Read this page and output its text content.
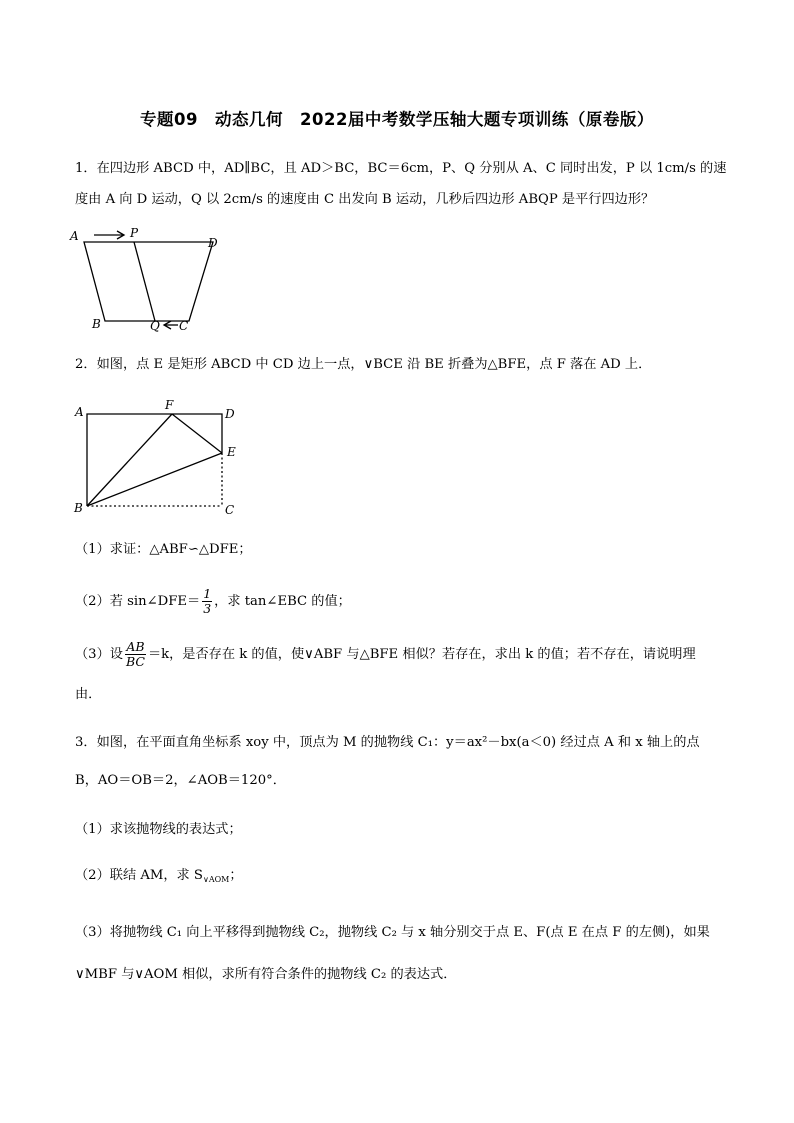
专题09　动态几何　2022届中考数学压轴大题专项训练（原卷版）
1．在四边形 ABCD 中，AD∥BC，且 AD＞BC，BC＝6cm，P、Q 分别从 A、C 同时出发，P 以 1cm/s 的速
度由 A 向 D 运动，Q 以 2cm/s 的速度由 C 出发向 B 运动，几秒后四边形 ABQP 是平行四边形？
A	P
D
B	Q C
2．如图，点 E 是矩形 ABCD 中 CD 边上一点，∨BCE 沿 BE 折叠为△BFE，点 F 落在 AD 上．
A	F
D
E
B	C
（1）求证：△ABF∽△DFE；
（2）若 sin∠DFE＝ $\frac{1}{3}$ ，求 tan∠EBC 的值；
（3）设 $\frac{AB}{BC} =k$，是否存在 k 的值，使∨ABF 与△BFE 相似？若存在，求出 k 的值；若不存在，请说明理
由．
3．如图，在平面直角坐标系 xoy 中，顶点为 M 的抛物线 C₁：y＝ax²－bx(a＜0) 经过点 A 和 x 轴上的点
B，AO＝OB＝2，∠AOB＝120°．
（1）求该抛物线的表达式；
（2）联结 AM，求 $S_{\vee AOM}$；
（3）将抛物线 C₁ 向上平移得到抛物线 C₂，抛物线 C₂ 与 x 轴分别交于点 E、F(点 E 在点 F 的左侧)，如果
∨MBF 与∨AOM 相似，求所有符合条件的抛物线 C₂ 的表达式．
